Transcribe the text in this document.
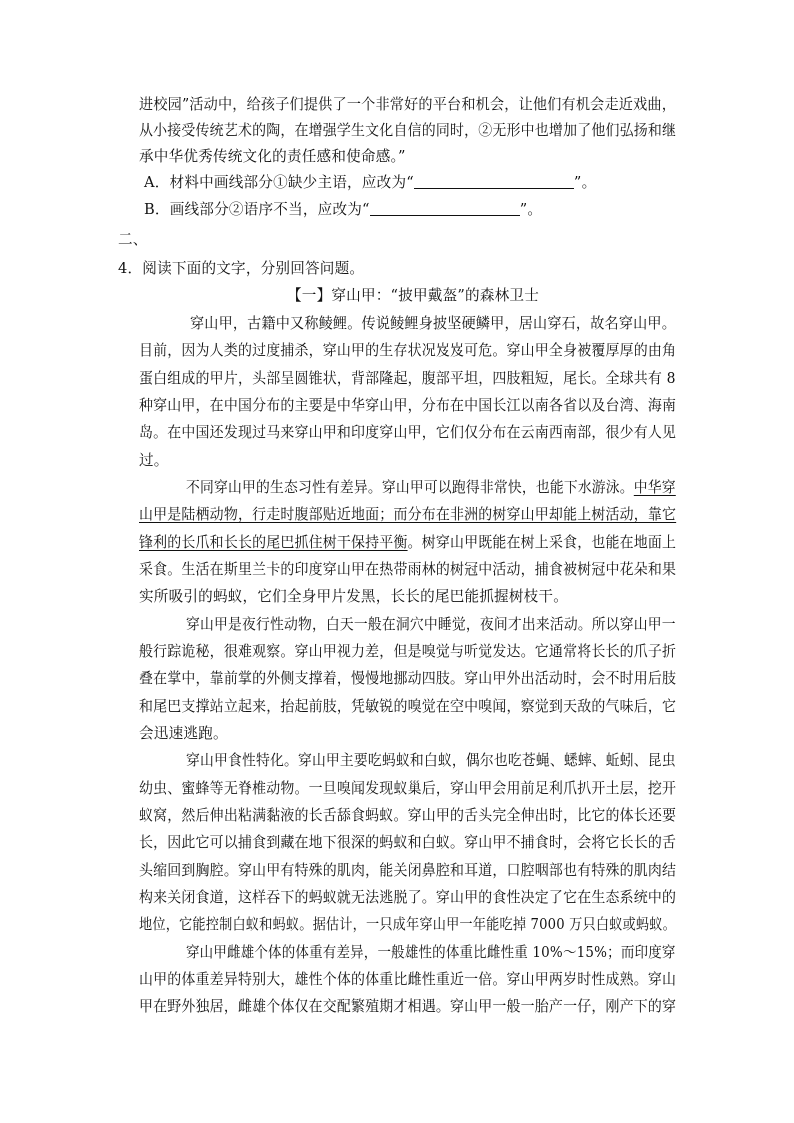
进校园”活动中，给孩子们提供了一个非常好的平台和机会，让他们有机会走近戏曲，
从小接受传统艺术的陶，在增强学生文化自信的同时，②无形中也增加了他们弘扬和继
承中华优秀传统文化的责任感和使命感。”
A．材料中画线部分①缺少主语，应改为“	”。
B．画线部分②语序不当，应改为“	”。
二、
4．阅读下面的文字，分别回答问题。
【一】穿山甲：“披甲戴盔”的森林卫士
穿山甲，古籍中又称鲮鲤。传说鲮鲤身披坚硬鳞甲，居山穿石，故名穿山甲。
目前，因为人类的过度捕杀，穿山甲的生存状况岌岌可危。穿山甲全身被覆厚厚的由角
蛋白组成的甲片，头部呈圆锥状，背部隆起，腹部平坦，四肢粗短，尾长。全球共有 8
种穿山甲，在中国分布的主要是中华穿山甲，分布在中国长江以南各省以及台湾、海南
岛。在中国还发现过马来穿山甲和印度穿山甲，它们仅分布在云南西南部，很少有人见
过。
不同穿山甲的生态习性有差异。穿山甲可以跑得非常快，也能下水游泳。中华穿
山甲是陆栖动物，行走时腹部贴近地面；而分布在非洲的树穿山甲却能上树活动，靠它
锋利的长爪和长长的尾巴抓住树干保持平衡。树穿山甲既能在树上采食，也能在地面上
采食。生活在斯里兰卡的印度穿山甲在热带雨林的树冠中活动，捕食被树冠中花朵和果
实所吸引的蚂蚁，它们全身甲片发黑，长长的尾巴能抓握树枝干。
穿山甲是夜行性动物，白天一般在洞穴中睡觉，夜间才出来活动。所以穿山甲一
般行踪诡秘，很难观察。穿山甲视力差，但是嗅觉与听觉发达。它通常将长长的爪子折
叠在掌中，靠前掌的外侧支撑着，慢慢地挪动四肢。穿山甲外出活动时，会不时用后肢
和尾巴支撑站立起来，抬起前肢，凭敏锐的嗅觉在空中嗅闻，察觉到天敌的气味后，它
会迅速逃跑。
穿山甲食性特化。穿山甲主要吃蚂蚁和白蚁，偶尔也吃苍蝇、蟋蟀、蚯蚓、昆虫
幼虫、蜜蜂等无脊椎动物。一旦嗅闻发现蚁巢后，穿山甲会用前足利爪扒开土层，挖开
蚁窝，然后伸出粘满黏液的长舌舔食蚂蚁。穿山甲的舌头完全伸出时，比它的体长还要
长，因此它可以捕食到藏在地下很深的蚂蚁和白蚁。穿山甲不捕食时，会将它长长的舌
头缩回到胸腔。穿山甲有特殊的肌肉，能关闭鼻腔和耳道，口腔咽部也有特殊的肌肉结
构来关闭食道，这样吞下的蚂蚁就无法逃脱了。穿山甲的食性决定了它在生态系统中的
地位，它能控制白蚁和蚂蚁。据估计，一只成年穿山甲一年能吃掉 7000 万只白蚁或蚂蚁。
穿山甲雌雄个体的体重有差异，一般雄性的体重比雌性重 10%～15%；而印度穿
山甲的体重差异特别大，雄性个体的体重比雌性重近一倍。穿山甲两岁时性成熟。穿山
甲在野外独居，雌雄个体仅在交配繁殖期才相遇。穿山甲一般一胎产一仔，刚产下的穿
